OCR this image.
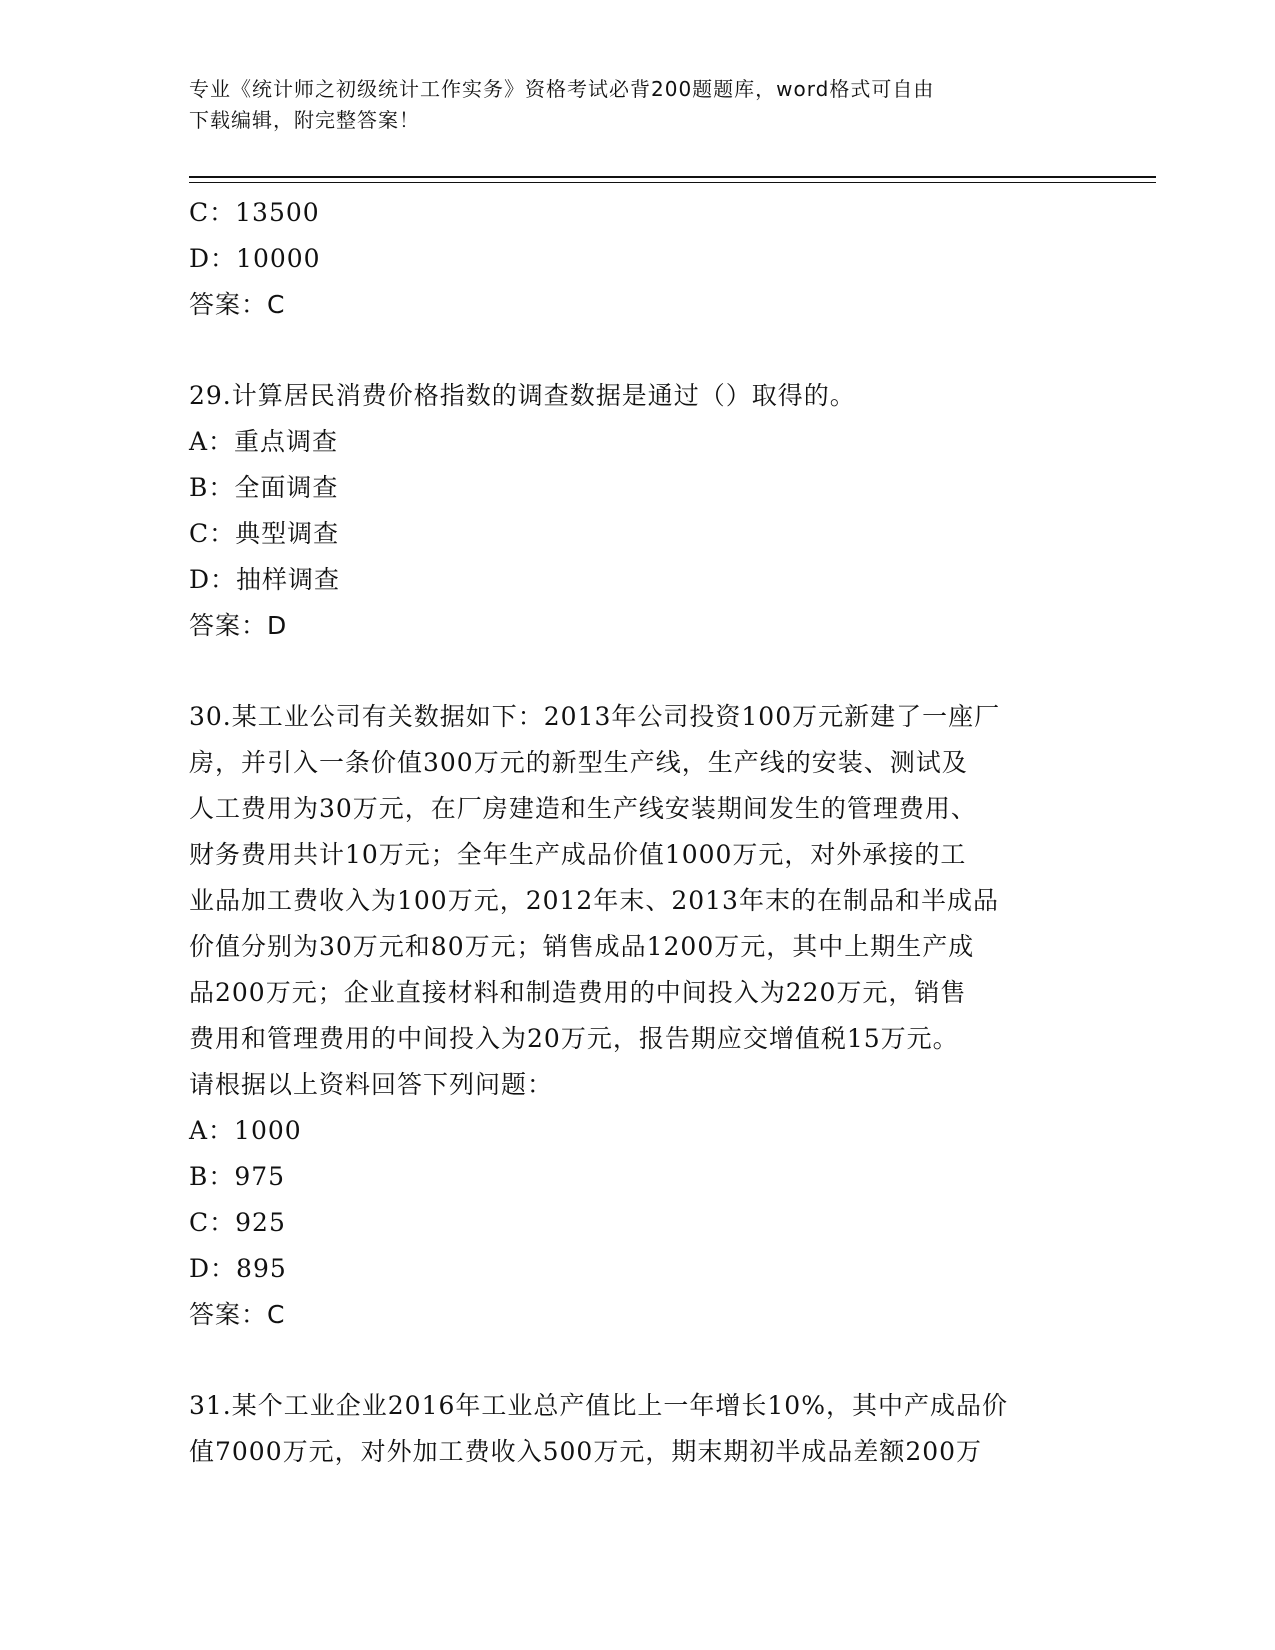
专业《统计师之初级统计工作实务》资格考试必背200题题库，word格式可自由
下载编辑，附完整答案！
C：13500
D：10000
答案：C
29.计算居民消费价格指数的调查数据是通过（）取得的。
A：重点调查
B：全面调查
C：典型调查
D：抽样调查
答案：D
30.某工业公司有关数据如下：2013年公司投资100万元新建了一座厂
房，并引入一条价值300万元的新型生产线，生产线的安装、测试及
人工费用为30万元，在厂房建造和生产线安装期间发生的管理费用、
财务费用共计10万元；全年生产成品价值1000万元，对外承接的工
业品加工费收入为100万元，2012年末、2013年末的在制品和半成品
价值分别为30万元和80万元；销售成品1200万元，其中上期生产成
品200万元；企业直接材料和制造费用的中间投入为220万元，销售
费用和管理费用的中间投入为20万元，报告期应交增值税15万元。
请根据以上资料回答下列问题：
A：1000
B：975
C：925
D：895
答案：C
31.某个工业企业2016年工业总产值比上一年增长10%，其中产成品价
值7000万元，对外加工费收入500万元，期末期初半成品差额200万
